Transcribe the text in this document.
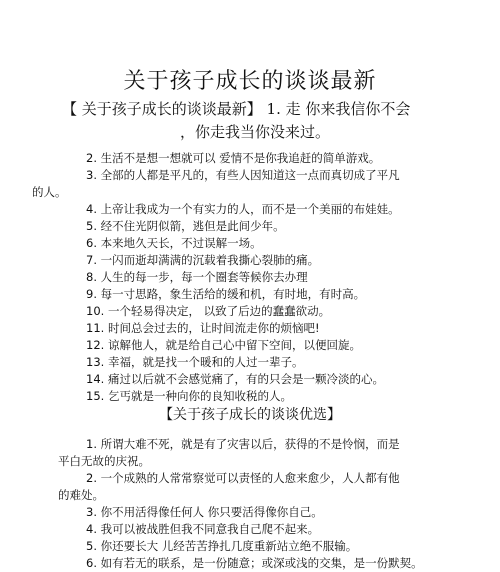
关于孩子成长的谈谈最新
【 关于孩子成长的谈谈最新】 1. 走 你来我信你不会
，你走我当你没来过。
2. 生活不是想一想就可以 爱情不是你我追赶的简单游戏。
3. 全部的人都是平凡的，有些人因知道这一点而真切成了平凡
的人。
4. 上帝让我成为一个有实力的人，而不是一个美丽的布娃娃。
5. 经不住光阴似箭，逃但是此间少年。
6. 本来地久天长，不过误解一场。
7. 一闪而逝却满满的沉载着我撕心裂肺的痛。
8. 人生的每一步，每一个圈套等候你去办理
9. 每一寸思路，象生活给的缓和机，有时地，有时高。
10. 一个轻易得决定， 以致了后边的蠢蠢欲动。
11. 时间总会过去的，让时间流走你的烦恼吧!
12. 谅解他人，就是给自己心中留下空间，以便回旋。
13. 幸福，就是找一个暖和的人过一辈子。
14. 痛过以后就不会感觉痛了，有的只会是一颗冷淡的心。
15. 乞丐就是一种向你的良知收税的人。
【关于孩子成长的谈谈优选】
1. 所谓大难不死，就是有了灾害以后，获得的不是怜悯，而是
平白无故的庆祝。
2. 一个成熟的人常常察觉可以责怪的人愈来愈少，人人都有他
的难处。
3. 你不用活得像任何人 你只要活得像你自己。
4. 我可以被战胜但我不同意我自己爬不起来。
5. 你还要长大 儿经苦苦挣扎几度重新站立绝不服输。
6. 如有若无的联系，是一份随意；或深或浅的交集，是一份默契。
